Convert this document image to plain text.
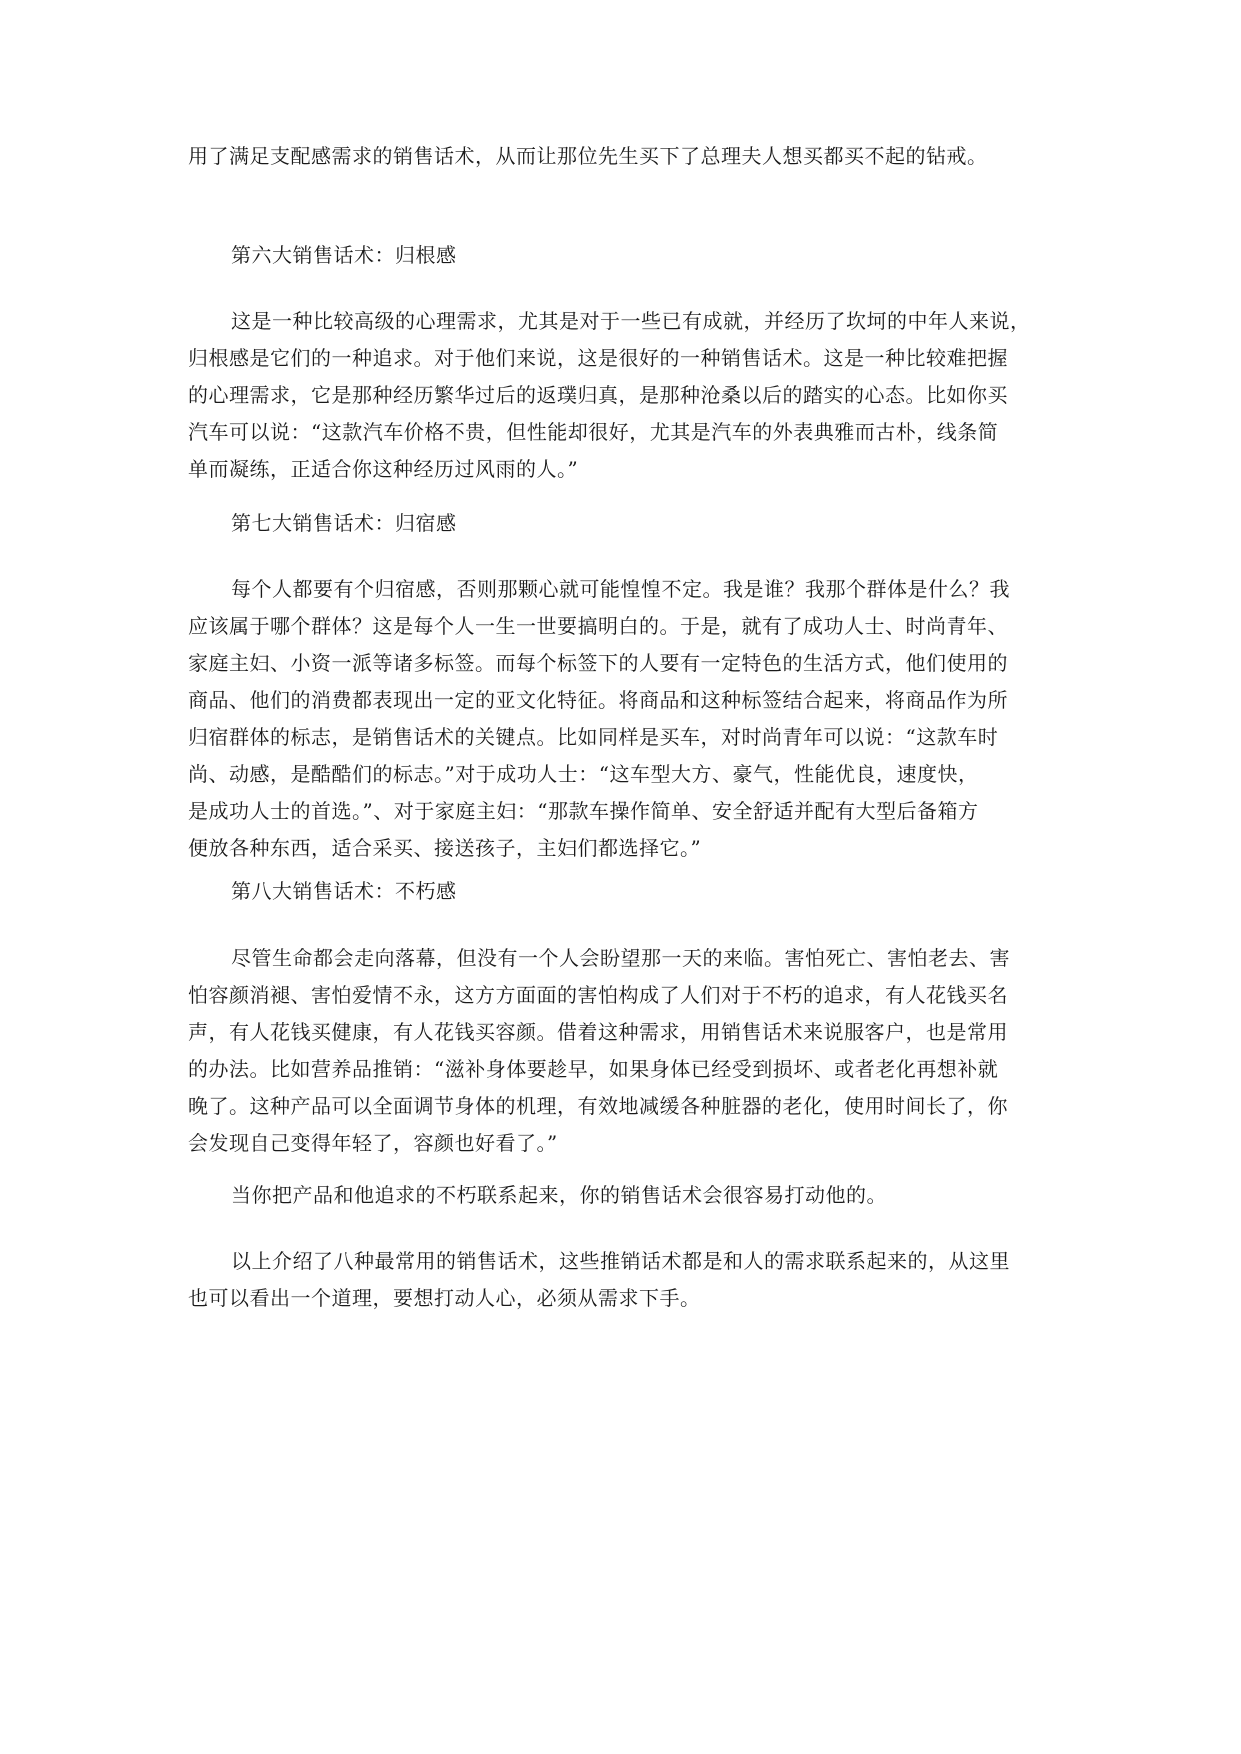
用了满足支配感需求的销售话术，从而让那位先生买下了总理夫人想买都买不起的钻戒。

第六大销售话术：归根感

这是一种比较高级的心理需求，尤其是对于一些已有成就，并经历了坎坷的中年人来说，
归根感是它们的一种追求。对于他们来说，这是很好的一种销售话术。这是一种比较难把握
的心理需求，它是那种经历繁华过后的返璞归真，是那种沧桑以后的踏实的心态。比如你买
汽车可以说：“这款汽车价格不贵，但性能却很好，尤其是汽车的外表典雅而古朴，线条简
单而凝练，正适合你这种经历过风雨的人。”

第七大销售话术：归宿感

每个人都要有个归宿感，否则那颗心就可能惶惶不定。我是谁？我那个群体是什么？我
应该属于哪个群体？这是每个人一生一世要搞明白的。于是，就有了成功人士、时尚青年、
家庭主妇、小资一派等诸多标签。而每个标签下的人要有一定特色的生活方式，他们使用的
商品、他们的消费都表现出一定的亚文化特征。将商品和这种标签结合起来，将商品作为所
归宿群体的标志，是销售话术的关键点。比如同样是买车，对时尚青年可以说：“这款车时
尚、动感，是酷酷们的标志。”对于成功人士：“这车型大方、豪气，性能优良，速度快，
是成功人士的首选。”、对于家庭主妇：“那款车操作简单、安全舒适并配有大型后备箱方
便放各种东西，适合采买、接送孩子，主妇们都选择它。”

第八大销售话术：不朽感

尽管生命都会走向落幕，但没有一个人会盼望那一天的来临。害怕死亡、害怕老去、害
怕容颜消褪、害怕爱情不永，这方方面面的害怕构成了人们对于不朽的追求，有人花钱买名
声，有人花钱买健康，有人花钱买容颜。借着这种需求，用销售话术来说服客户，也是常用
的办法。比如营养品推销：“滋补身体要趁早，如果身体已经受到损坏、或者老化再想补就
晚了。这种产品可以全面调节身体的机理，有效地减缓各种脏器的老化，使用时间长了，你
会发现自己变得年轻了，容颜也好看了。”

当你把产品和他追求的不朽联系起来，你的销售话术会很容易打动他的。

以上介绍了八种最常用的销售话术，这些推销话术都是和人的需求联系起来的，从这里
也可以看出一个道理，要想打动人心，必须从需求下手。
